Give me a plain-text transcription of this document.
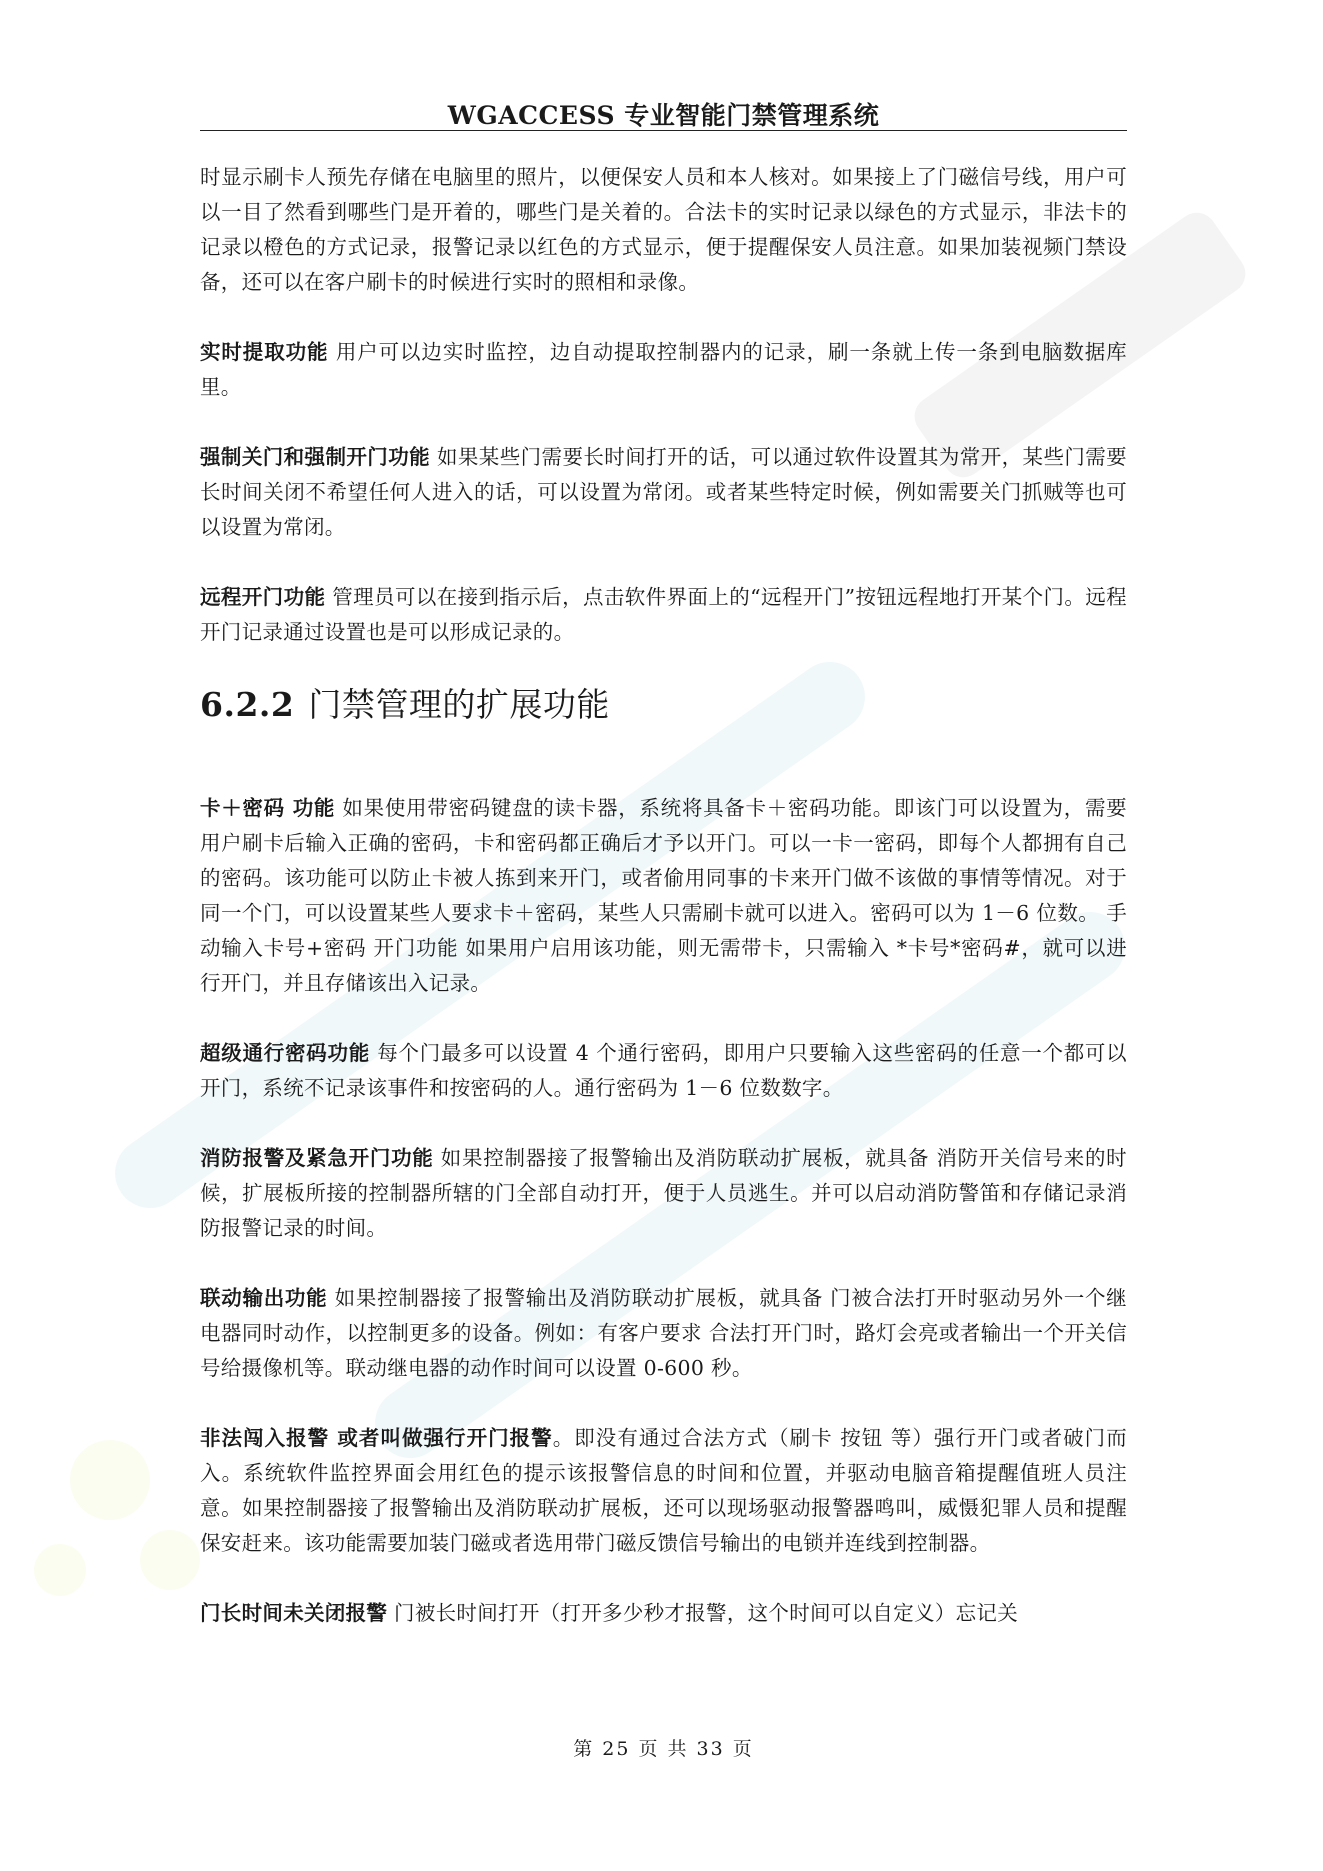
WGACCESS 专业智能门禁管理系统

时显示刷卡人预先存储在电脑里的照片，以便保安人员和本人核对。如果接上了门磁信号线，用户可以一目了然看到哪些门是开着的，哪些门是关着的。合法卡的实时记录以绿色的方式显示，非法卡的记录以橙色的方式记录，报警记录以红色的方式显示，便于提醒保安人员注意。如果加装视频门禁设备，还可以在客户刷卡的时候进行实时的照相和录像。

实时提取功能 用户可以边实时监控，边自动提取控制器内的记录，刷一条就上传一条到电脑数据库里。

强制关门和强制开门功能 如果某些门需要长时间打开的话，可以通过软件设置其为常开，某些门需要长时间关闭不希望任何人进入的话，可以设置为常闭。或者某些特定时候，例如需要关门抓贼等也可以设置为常闭。

远程开门功能 管理员可以在接到指示后，点击软件界面上的“远程开门”按钮远程地打开某个门。远程开门记录通过设置也是可以形成记录的。

6.2.2 门禁管理的扩展功能

卡＋密码 功能 如果使用带密码键盘的读卡器，系统将具备卡＋密码功能。即该门可以设置为，需要用户刷卡后输入正确的密码，卡和密码都正确后才予以开门。可以一卡一密码，即每个人都拥有自己的密码。该功能可以防止卡被人拣到来开门，或者偷用同事的卡来开门做不该做的事情等情况。对于同一个门，可以设置某些人要求卡＋密码，某些人只需刷卡就可以进入。密码可以为 1－6 位数。 手动输入卡号+密码 开门功能 如果用户启用该功能，则无需带卡，只需输入 *卡号*密码#，就可以进行开门，并且存储该出入记录。

超级通行密码功能 每个门最多可以设置 4 个通行密码，即用户只要输入这些密码的任意一个都可以开门，系统不记录该事件和按密码的人。通行密码为 1－6 位数数字。

消防报警及紧急开门功能 如果控制器接了报警输出及消防联动扩展板，就具备 消防开关信号来的时候，扩展板所接的控制器所辖的门全部自动打开，便于人员逃生。并可以启动消防警笛和存储记录消防报警记录的时间。

联动输出功能 如果控制器接了报警输出及消防联动扩展板，就具备 门被合法打开时驱动另外一个继电器同时动作，以控制更多的设备。例如：有客户要求 合法打开门时，路灯会亮或者输出一个开关信号给摄像机等。联动继电器的动作时间可以设置 0-600 秒。

非法闯入报警 或者叫做强行开门报警。即没有通过合法方式（刷卡 按钮 等）强行开门或者破门而入。系统软件监控界面会用红色的提示该报警信息的时间和位置，并驱动电脑音箱提醒值班人员注意。如果控制器接了报警输出及消防联动扩展板，还可以现场驱动报警器鸣叫，威慑犯罪人员和提醒保安赶来。该功能需要加装门磁或者选用带门磁反馈信号输出的电锁并连线到控制器。

门长时间未关闭报警 门被长时间打开（打开多少秒才报警，这个时间可以自定义）忘记关

第 25 页 共 33 页
